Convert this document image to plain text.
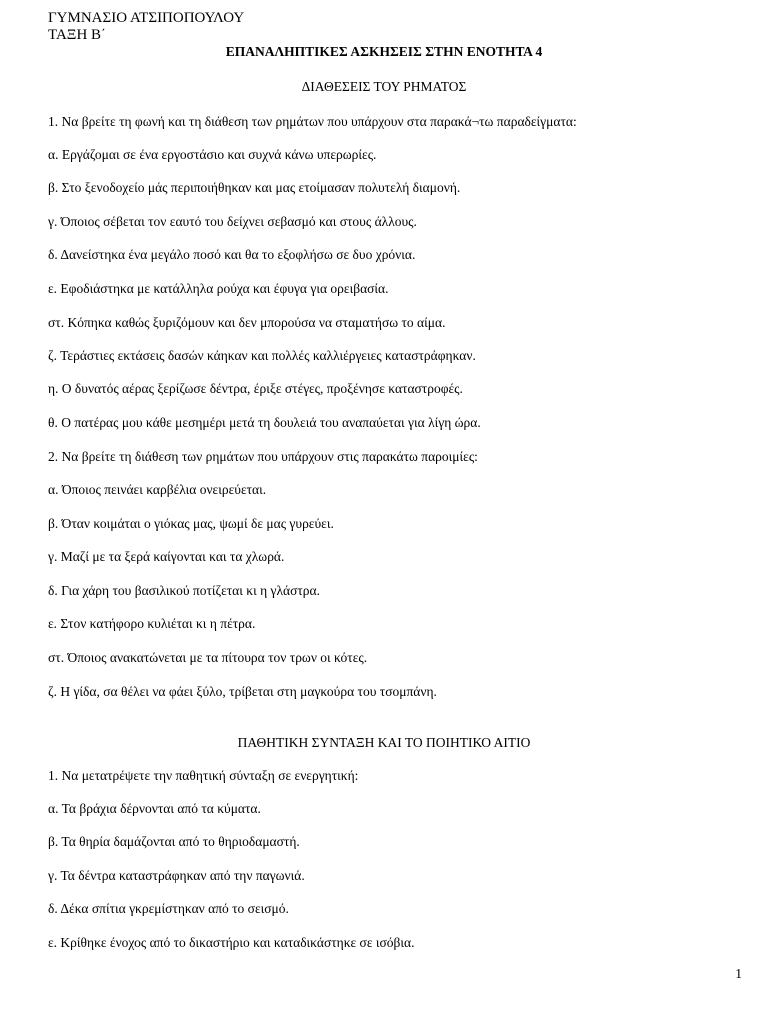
ΓΥΜΝΑΣΙΟ ΑΤΣΙΠΟΠΟΥΛΟΥ
ΤΑΞΗ Β΄
ΕΠΑΝΑΛΗΠΤΙΚΕΣ ΑΣΚΗΣΕΙΣ ΣΤΗΝ ΕΝΟΤΗΤΑ 4
ΔΙΑΘΕΣΕΙΣ ΤΟΥ ΡΗΜΑΤΟΣ
1. Να βρείτε τη φωνή και τη διάθεση των ρημάτων που υπάρχουν στα παρακά¬τω παραδείγματα:
α. Εργάζομαι σε ένα εργοστάσιο και συχνά κάνω υπερωρίες.
β. Στο ξενοδοχείο μάς περιποιήθηκαν και μας ετοίμασαν πολυτελή διαμονή.
γ. Όποιος σέβεται τον εαυτό του δείχνει σεβασμό και στους άλλους.
δ. Δανείστηκα ένα μεγάλο ποσό και θα το εξοφλήσω σε δυο χρόνια.
ε. Εφοδιάστηκα με κατάλληλα ρούχα και έφυγα για ορειβασία.
στ. Κόπηκα καθώς ξυριζόμουν και δεν μπορούσα να σταματήσω το αίμα.
ζ. Τεράστιες εκτάσεις δασών κάηκαν και πολλές καλλιέργειες καταστράφηκαν.
η. Ο δυνατός αέρας ξερίζωσε δέντρα, έριξε στέγες, προξένησε καταστροφές.
θ. Ο πατέρας μου κάθε μεσημέρι μετά τη δουλειά του αναπαύεται για λίγη ώρα.
2. Να βρείτε τη διάθεση των ρημάτων που υπάρχουν στις παρακάτω παροιμίες:
α. Όποιος πεινάει καρβέλια ονειρεύεται.
β. Όταν κοιμάται ο γιόκας μας, ψωμί δε μας γυρεύει.
γ. Μαζί με τα ξερά καίγονται και τα χλωρά.
δ. Για χάρη του βασιλικού ποτίζεται κι η γλάστρα.
ε. Στον κατήφορο κυλιέται κι η πέτρα.
στ. Όποιος ανακατώνεται με τα πίτουρα τον τρων οι κότες.
ζ. Η γίδα, σα θέλει να φάει ξύλο, τρίβεται στη μαγκούρα του τσομπάνη.
ΠΑΘΗΤΙΚΗ ΣΥΝΤΑΞΗ ΚΑΙ ΤΟ ΠΟΙΗΤΙΚΟ ΑΙΤΙΟ
1. Να μετατρέψετε την παθητική σύνταξη σε ενεργητική:
α. Τα βράχια δέρνονται από τα κύματα.
β. Τα θηρία δαμάζονται από το θηριοδαμαστή.
γ. Τα δέντρα καταστράφηκαν από την παγωνιά.
δ. Δέκα σπίτια γκρεμίστηκαν από το σεισμό.
ε. Κρίθηκε ένοχος από το δικαστήριο και καταδικάστηκε σε ισόβια.
1
